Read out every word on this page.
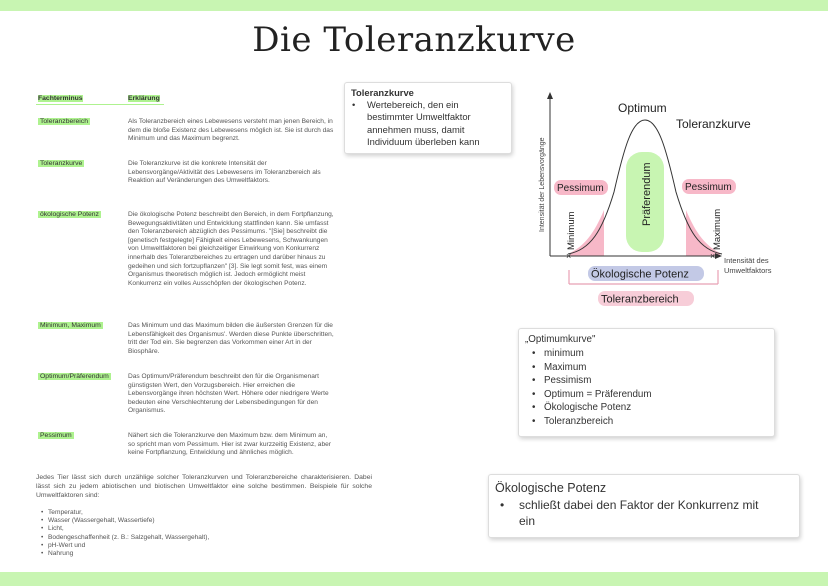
Die Toleranzkurve
Fachterminus	Erklärung
Toleranzbereich	Als Toleranzbereich eines Lebewesens versteht man jenen Bereich, in dem die bloße Existenz des Lebewesens möglich ist. Sie ist durch das Minimum und das Maximum begrenzt.
Toleranzkurve	Die Toleranzkurve ist die konkrete Intensität der Lebensvorgänge/Aktivität des Lebewesens im Toleranzbereich als Reaktion auf Veränderungen des Umweltfaktors.
ökologische Potenz	Die ökologische Potenz beschreibt den Bereich, in dem Fortpflanzung, Bewegungsaktivitäten und Entwicklung stattfinden kann. Sie umfasst den Toleranzbereich abzüglich des Pessimums. "[Sie] beschreibt die [genetisch festgelegte] Fähigkeit eines Lebewesens, Schwankungen von Umweltfaktoren bei gleichzeitiger Einwirkung von Konkurrenz innerhalb des Toleranzbereiches zu ertragen und darüber hinaus zu gedeihen und sich fortzupflanzen" [3]. Sie legt somit fest, was einem Organismus theoretisch möglich ist. Jedoch ermöglicht meist Konkurrenz ein volles Ausschöpfen der ökologischen Potenz.
Minimum, Maximum	Das Minimum und das Maximum bilden die äußersten Grenzen für die Lebensfähigkeit des Organismus'. Werden diese Punkte überschritten, tritt der Tod ein. Sie begrenzen das Vorkommen einer Art in der Biosphäre.
Optimum/Präferendum	Das Optimum/Präferendum beschreibt den für die Organismenart günstigsten Wert, den Vorzugsbereich. Hier erreichen die Lebensvorgänge ihren höchsten Wert. Höhere oder niedrigere Werte bedeuten eine Verschlechterung der Lebensbedingungen für den Organismus.
Pessimum	Nähert sich die Toleranzkurve den Maximum bzw. dem Minimum an, so spricht man vom Pessimum. Hier ist zwar kurzzeitig Existenz, aber keine Fortpflanzung, Entwicklung und ähnliches möglich.
Jedes Tier lässt sich durch unzählige solcher Toleranzkurven und Toleranzbereiche charakterisieren. Dabei lässt sich zu jedem abiotischen und biotischen Umweltfaktor eine solche bestimmen. Beispiele für solche Umweltfaktoren sind:
• Temperatur,
• Wasser (Wassergehalt, Wassertiefe)
• Licht,
• Bodengeschaffenheit (z. B.: Salzgehalt, Wassergehalt),
• pH-Wert und
• Nahrung
Toleranzkurve
• Wertebereich, den ein
bestimmter Umweltfaktor
annehmen muss, damit
Individuum überleben kann
×	×
Intensität der Lebensvorgänge
Intensität des
Umweltfaktors
Optimum
Toleranzkurve
Pessimum	Pessimum
Präferendum
Minimum	Maximum
Ökologische Potenz
Toleranzbereich
„Optimumkurve"
• minimum
• Maximum
• Pessimism
• Optimum = Präferendum
• Ökologische Potenz
• Toleranzbereich
Ökologische Potenz
• schließt dabei den Faktor der Konkurrenz mit
ein
